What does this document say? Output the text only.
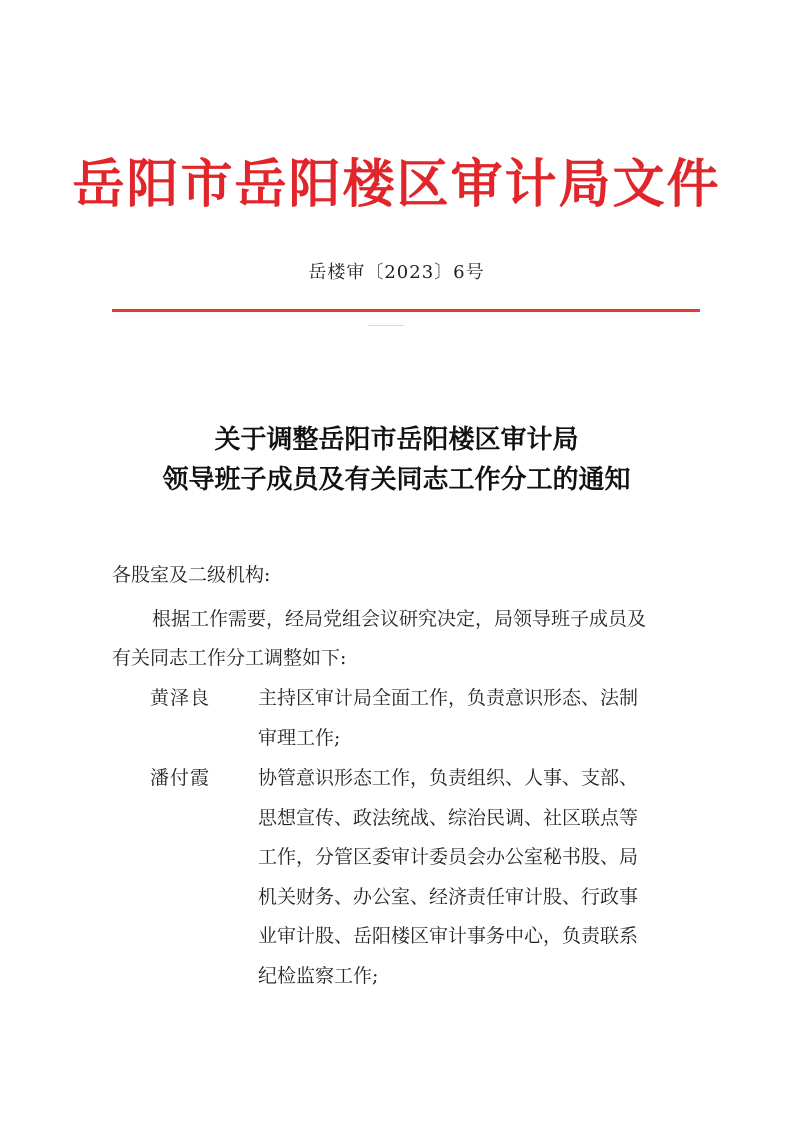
岳阳市岳阳楼区审计局文件
岳楼审〔2023〕6号
关于调整岳阳市岳阳楼区审计局
领导班子成员及有关同志工作分工的通知
各股室及二级机构:
根据工作需要，经局党组会议研究决定，局领导班子成员及
有关同志工作分工调整如下:
黄泽良	主持区审计局全面工作，负责意识形态、法制
审理工作;
潘付霞	协管意识形态工作，负责组织、人事、支部、
思想宣传、政法统战、综治民调、社区联点等
工作，分管区委审计委员会办公室秘书股、局
机关财务、办公室、经济责任审计股、行政事
业审计股、岳阳楼区审计事务中心，负责联系
纪检监察工作;
